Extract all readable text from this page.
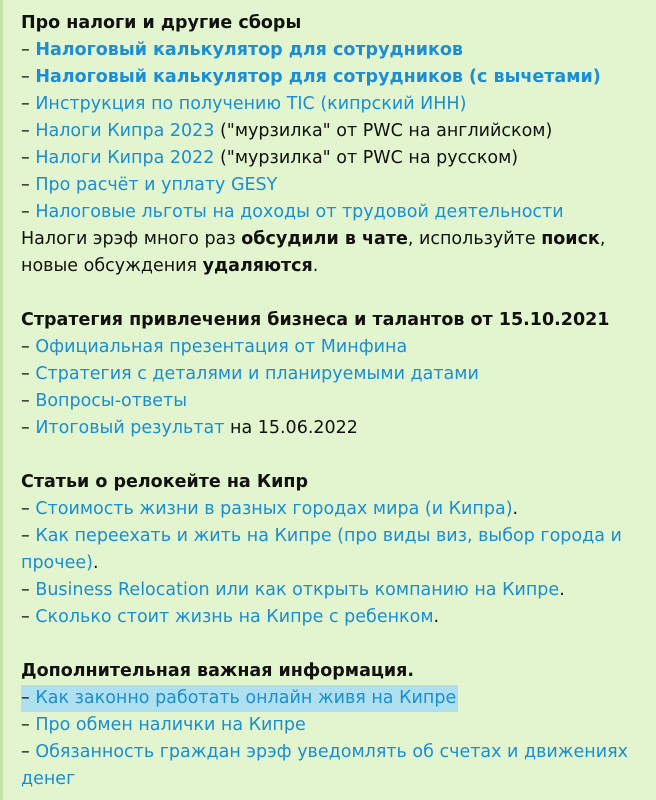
Про налоги и другие сборы
– Налоговый калькулятор для сотрудников
– Налоговый калькулятор для сотрудников (с вычетами)
– Инструкция по получению TIC (кипрский ИНН)
– Налоги Кипра 2023 ("мурзилка" от PWC на английском)
– Налоги Кипра 2022 ("мурзилка" от PWC на русском)
– Про расчёт и уплату GESY
– Налоговые льготы на доходы от трудовой деятельности
Налоги эрэф много раз обсудили в чате, используйте поиск,
новые обсуждения удаляются.
Стратегия привлечения бизнеса и талантов от 15.10.2021
– Официальная презентация от Минфина
– Стратегия с деталями и планируемыми датами
– Вопросы-ответы
– Итоговый результат на 15.06.2022
Статьи о релокейте на Кипр
– Стоимость жизни в разных городах мира (и Кипра).
– Как переехать и жить на Кипре (про виды виз, выбор города и прочее).
– Business Relocation или как открыть компанию на Кипре.
– Сколько стоит жизнь на Кипре с ребенком.
Дополнительная важная информация.
– Как законно работать онлайн живя на Кипре
– Про обмен налички на Кипре
– Обязанность граждан эрэф уведомлять об счетах и движениях денег
